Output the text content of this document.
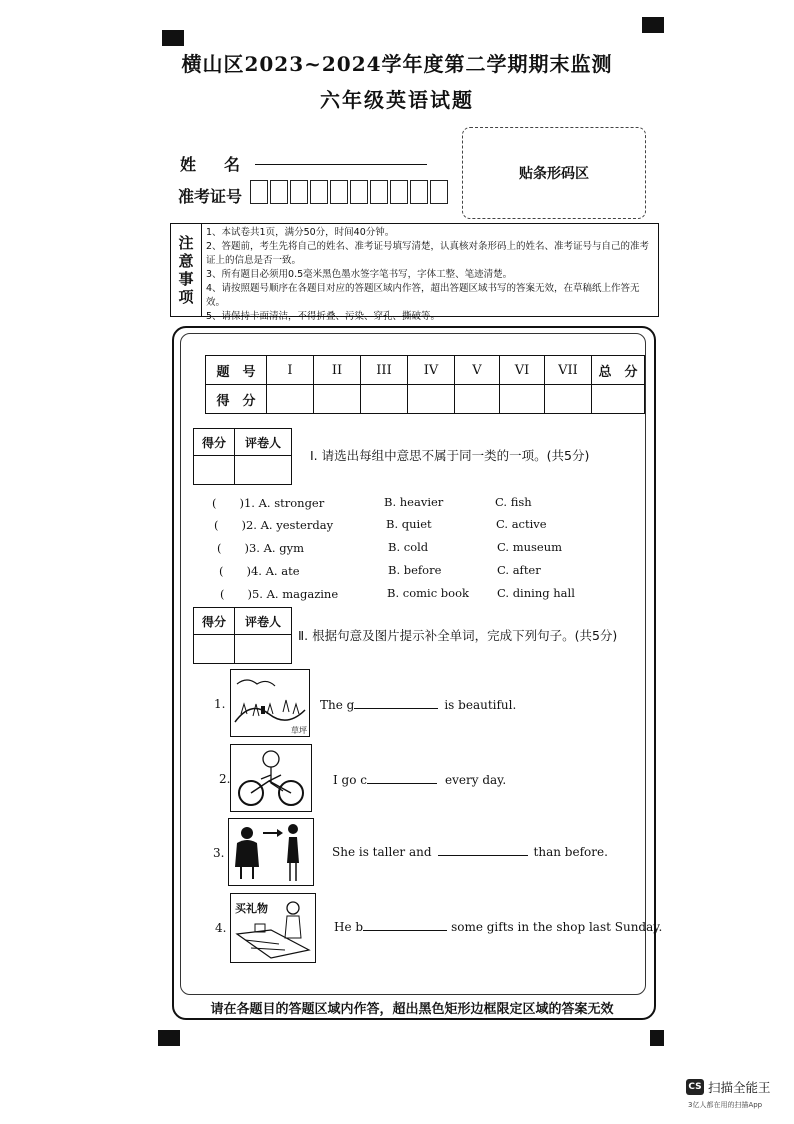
横山区2023~2024学年度第二学期期末监测
六年级英语试题
姓　名
准考证号
贴条形码区
注
意
事
项
1、本试卷共1页，满分50分，时间40分钟。
2、答题前，考生先将自己的姓名、准考证号填写清楚，认真核对条形码上的姓名、准考证号与自己的准考证上的信息是否一致。
3、所有题目必须用0.5毫米黑色墨水签字笔书写，字体工整、笔迹清楚。
4、请按照题号顺序在各题目对应的答题区域内作答，超出答题区域书写的答案无效，在草稿纸上作答无效。
5、请保持卡面清洁，不得折叠、污染、穿孔、撕破等。
题　号	I	II	III	IV	V	VI	VII	总　分
得　分								
得分	评卷人

Ⅰ. 请选出每组中意思不属于同一类的一项。(共5分)
(　　)1. A. stronger	B. heavier	C. fish
(　　)2. A. yesterday	B. quiet	C. active
(　　)3. A. gym	B. cold	C. museum
(　　)4. A. ate	B. before	C. after
(　　)5. A. magazine	B. comic book C. dining hall
得分	评卷人

Ⅱ. 根据句意及图片提示补全单词，完成下列句子。(共5分)
1.
草坪
The g	is beautiful.
2.	I go c	every day.
3.	She is taller and	than before.
4.
买礼物
He b	some gifts in the shop last Sunday.
请在各题目的答题区域内作答，超出黑色矩形边框限定区域的答案无效
CS 扫描全能王
3亿人都在用的扫描App
